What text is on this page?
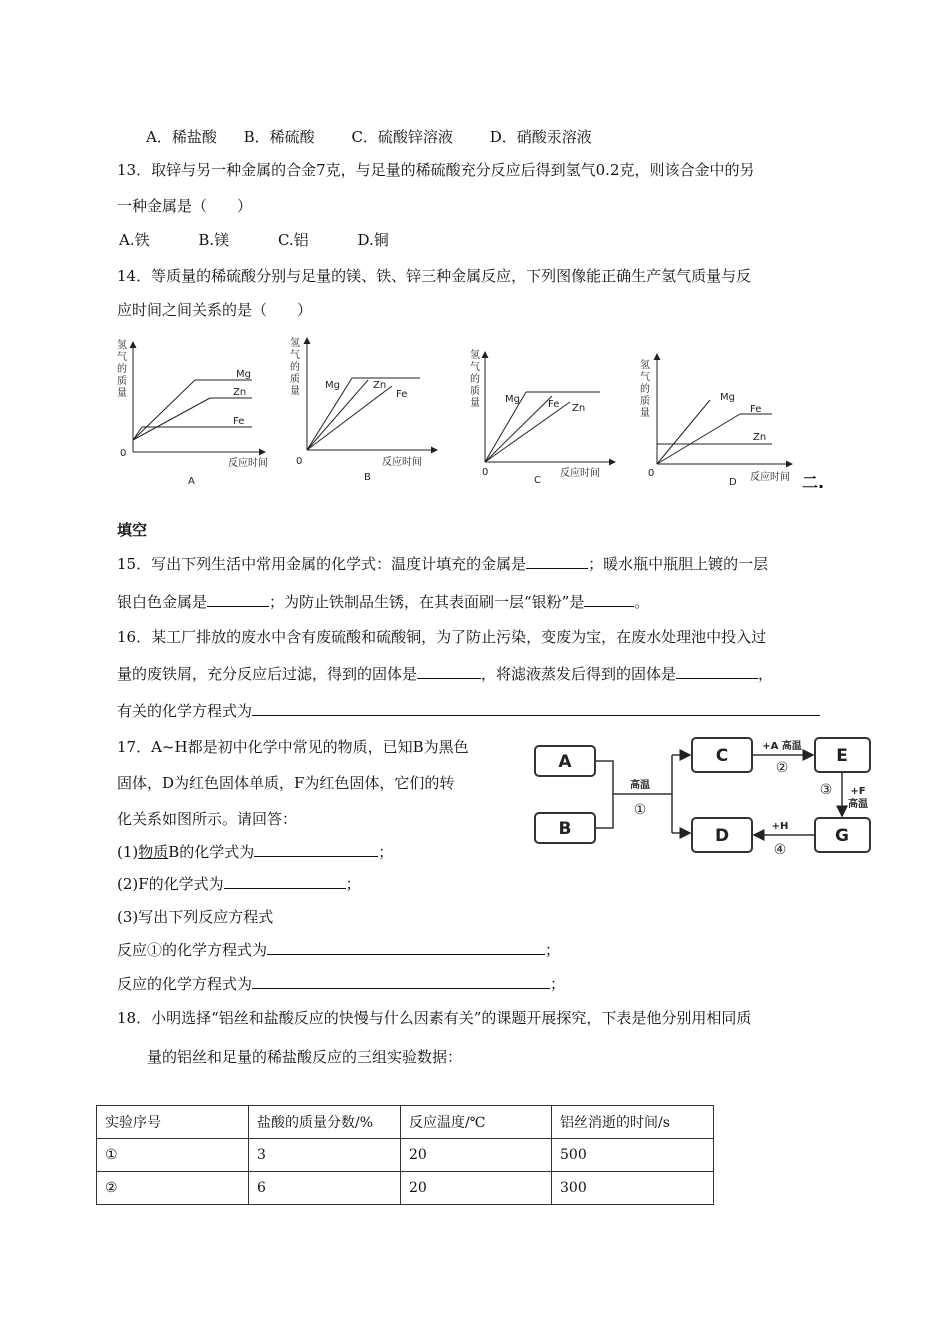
A．稀盐酸 B．稀硫酸 C．硫酸锌溶液 D．硝酸汞溶液
13．取锌与另一种金属的合金7克，与足量的稀硫酸充分反应后得到氢气0.2克，则该合金中的另
一种金属是（　　）
A.铁	B.镁	C.铝	D.铜
14．等质量的稀硫酸分别与足量的镁、铁、锌三种金属反应，下列图像能正确生产氢气质量与反
应时间之间关系的是（　　）
氢
气
的
质
量
0
反应时间
Mg
Zn
Fe
A
氢
气
的
质
量
0	反应时间
Mg	Zn
Fe
B
氢
气
的
质
量
0	反应时间
Mg	Fe Zn
C
氢
气
的
质
量
0	反应时间
Mg
Fe
Zn
D	二.
填空
15．写出下列生活中常用金属的化学式：温度计填充的金属是	；暖水瓶中瓶胆上镀的一层
银白色金属是	；为防止铁制品生锈，在其表面刷一层“银粉”是	。
16．某工厂排放的废水中含有废硫酸和硫酸铜，为了防止污染，变废为宝，在废水处理池中投入过
量的废铁屑，充分反应后过滤，得到的固体是	，将滤液蒸发后得到的固体是	，
有关的化学方程式为
17．A~H都是初中化学中常见的物质，已知B为黑色
固体，D为红色固体单质，F为红色固体，它们的转
化关系如图所示。请回答：
(1)物质B的化学式为	；
(2)F的化学式为	；
(3)写出下列反应方程式
反应①的化学方程式为	；
反应的化学方程式为	；
A
B
C
D
E
G
高温
①
+A 高温
②
+F
高温
③
+H
④
18．小明选择“铝丝和盐酸反应的快慢与什么因素有关”的课题开展探究，下表是他分别用相同质
量的铝丝和足量的稀盐酸反应的三组实验数据：
实验序号	盐酸的质量分数/%	反应温度/℃	铝丝消逝的时间/s
①	3	20	500
②	6	20	300
